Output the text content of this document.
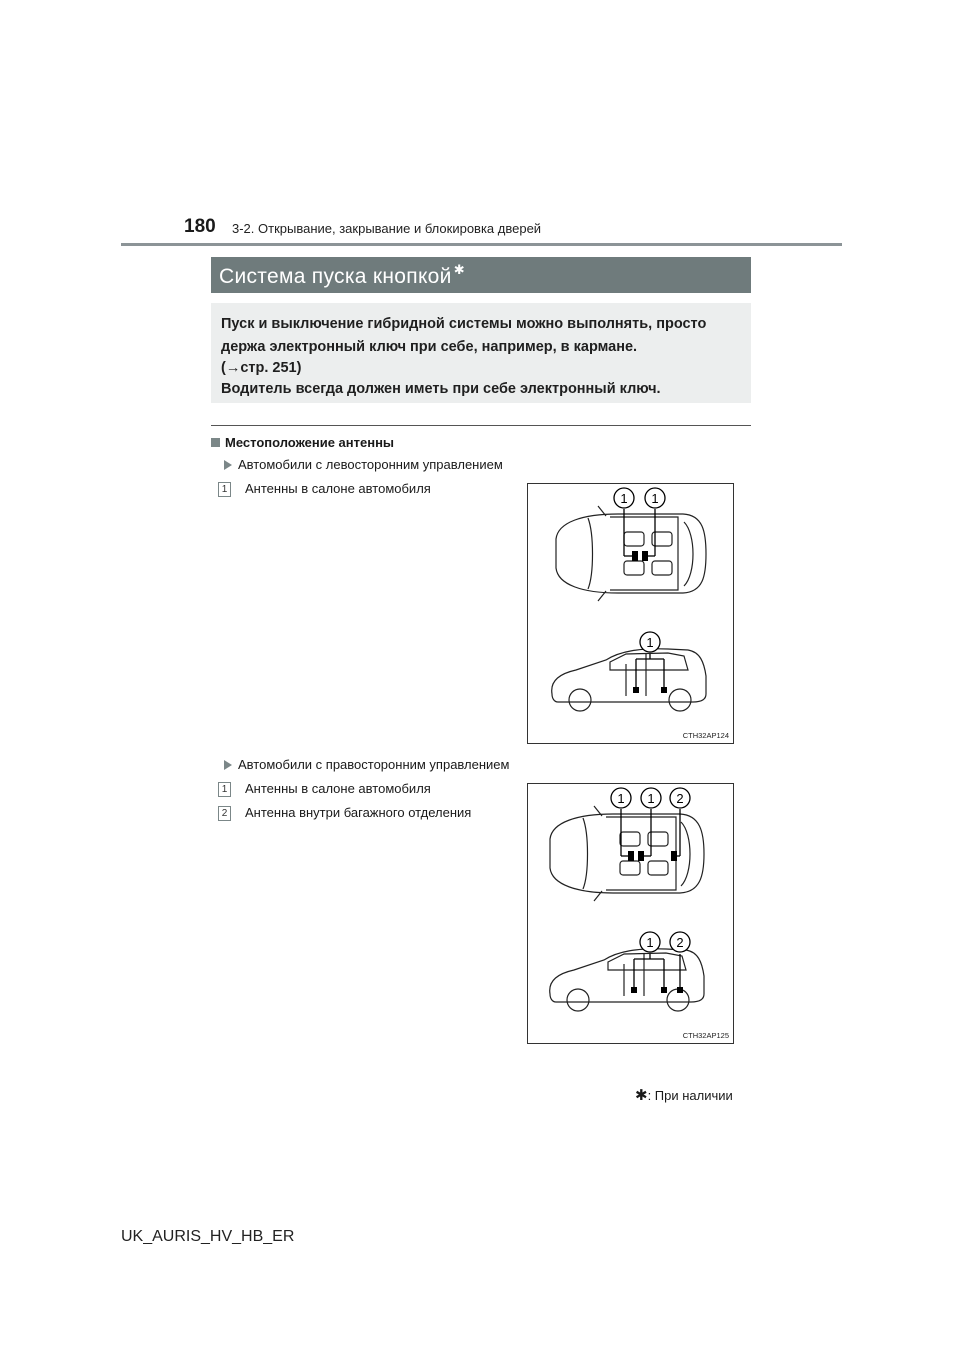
180 3-2. Открывание, закрывание и блокировка дверей
Система пуска кнопкой ✱
Пуск и выключение гибридной системы можно выполнять, просто
держа электронный ключ при себе, например, в кармане.
(→стр. 251)
Водитель всегда должен иметь при себе электронный ключ.
Местоположение антенны
Автомобили с левосторонним управлением
1 Антенны в салоне автомобиля
1 1
1
CTH32AP124
Автомобили с правосторонним управлением
1 Антенны в салоне автомобиля
2 Антенна внутри багажного отделения
1 1 2
1 2
CTH32AP125
✱: При наличии
UK_AURIS_HV_HB_ER
